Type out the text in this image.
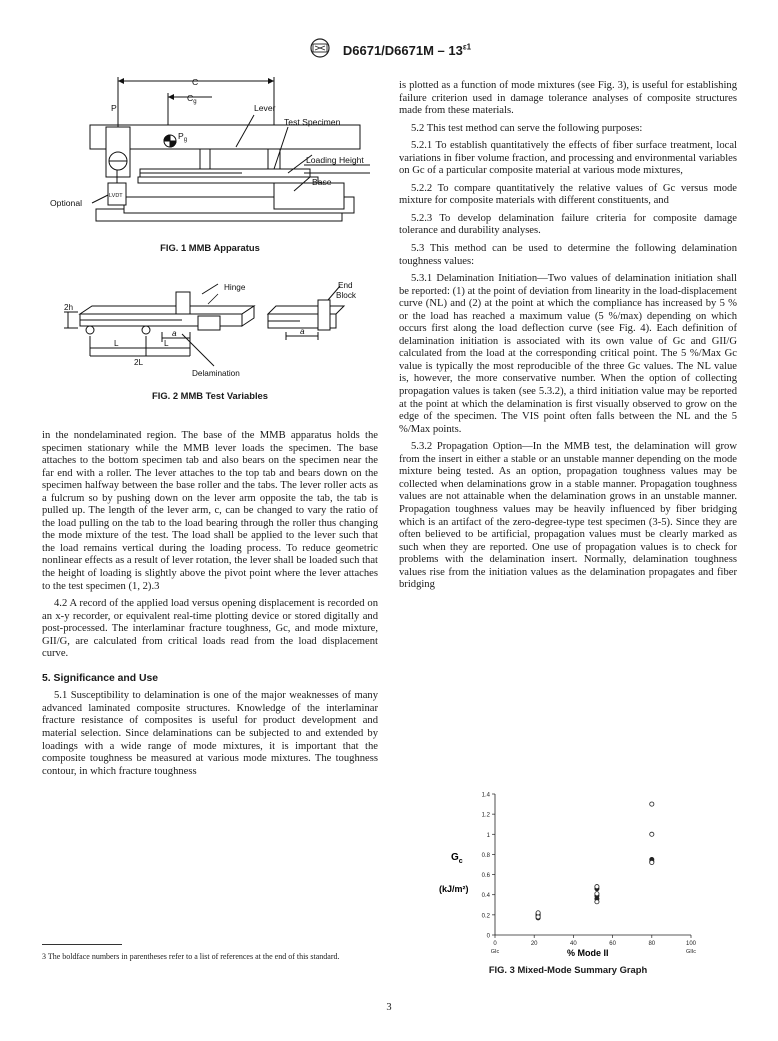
$D6671/D6671M - 13^{\varepsilon 1}$
C
$C_g$
P
$P_g$
Lever
Test Specimen
Loading Height
Base
Optional
LVDT
FIG. 1 MMB Apparatus
Hinge	End
Block
2h
a	a
L	L
2L
Delamination
FIG. 2 MMB Test Variables

in the nondelaminated region. The base of the MMB apparatus holds the specimen stationary while the MMB lever loads the specimen. The base attaches to the bottom specimen tab and also bears on the specimen near the far end with a roller. The lever attaches to the top tab and bears down on the specimen halfway between the base roller and the tabs. The lever roller acts as a fulcrum so by pushing down on the lever arm opposite the tab, the tab is pulled up. The length of the lever arm, c, can be changed to vary the ratio of the load pulling on the tab to the load bearing through the roller thus changing the mode mixture of the test. The load shall be applied to the lever such that the load remains vertical during the loading process. To reduce geometric nonlinear effects as a result of lever rotation, the lever shall be loaded such that the height of loading is slightly above the pivot point where the lever attaches to the test specimen (1, 2).3

4.2 A record of the applied load versus opening displacement is recorded on an x-y recorder, or equivalent real-time plotting device or stored digitally and post-processed. The interlaminar fracture toughness, Gc, and mode mixture, GII/G, are calculated from critical loads read from the load displacement curve.

5. Significance and Use

5.1 Susceptibility to delamination is one of the major weaknesses of many advanced laminated composite structures. Knowledge of the interlaminar fracture resistance of composites is useful for product development and material selection. Since delaminations can be subjected to and extended by loadings with a wide range of mode mixtures, it is important that the composite toughness be measured at various mode mixtures. The toughness contour, in which fracture toughness

3 The boldface numbers in parentheses refer to a list of references at the end of this standard.

is plotted as a function of mode mixtures (see Fig. 3), is useful for establishing failure criterion used in damage tolerance analyses of composite structures made from these materials.

5.2 This test method can serve the following purposes:

5.2.1 To establish quantitatively the effects of fiber surface treatment, local variations in fiber volume fraction, and processing and environmental variables on Gc of a particular composite material at various mode mixtures,

5.2.2 To compare quantitatively the relative values of Gc versus mode mixture for composite materials with different constituents, and

5.2.3 To develop delamination failure criteria for composite damage tolerance and durability analyses.

5.3 This method can be used to determine the following delamination toughness values:

5.3.1 Delamination Initiation—Two values of delamination initiation shall be reported: (1) at the point of deviation from linearity in the load-displacement curve (NL) and (2) at the point at which the compliance has increased by 5 % or the load has reached a maximum value (5 %/max) depending on which occurs first along the load deflection curve (see Fig. 4). Each definition of delamination initiation is associated with its own value of Gc and GII/G calculated from the load at the corresponding critical point. The 5 %/Max Gc value is typically the most reproducible of the three Gc values. The NL value is, however, the more conservative number. When the option of collecting propagation values is taken (see 5.3.2), a third initiation value may be reported at the point at which the delamination is first visually observed to grow on the edge of the specimen. The VIS point often falls between the NL and the 5 %/Max points.

5.3.2 Propagation Option—In the MMB test, the delamination will grow from the insert in either a stable or an unstable manner depending on the mode mixture being tested. As an option, propagation toughness values may be collected when delaminations grow in a stable manner. Propagation toughness values are not attainable when the delamination grows in an unstable manner. Propagation toughness values may be heavily influenced by fiber bridging which is an artifact of the zero-degree-type test specimen (3-5). Since they are often believed to be artificial, propagation values must be clearly marked as such when they are reported. One use of propagation values is to check for problems with the delamination insert. Normally, delamination toughness values rise from the initiation values as the delamination propagates and fiber bridging

$G_c$
(kJ/m²)
% Mode II
0
0.2
0.4
0.6
0.8
1
1.2
1.4
0	20	40	60	80	100
GIc	GIIc
FIG. 3 Mixed-Mode Summary Graph
3
